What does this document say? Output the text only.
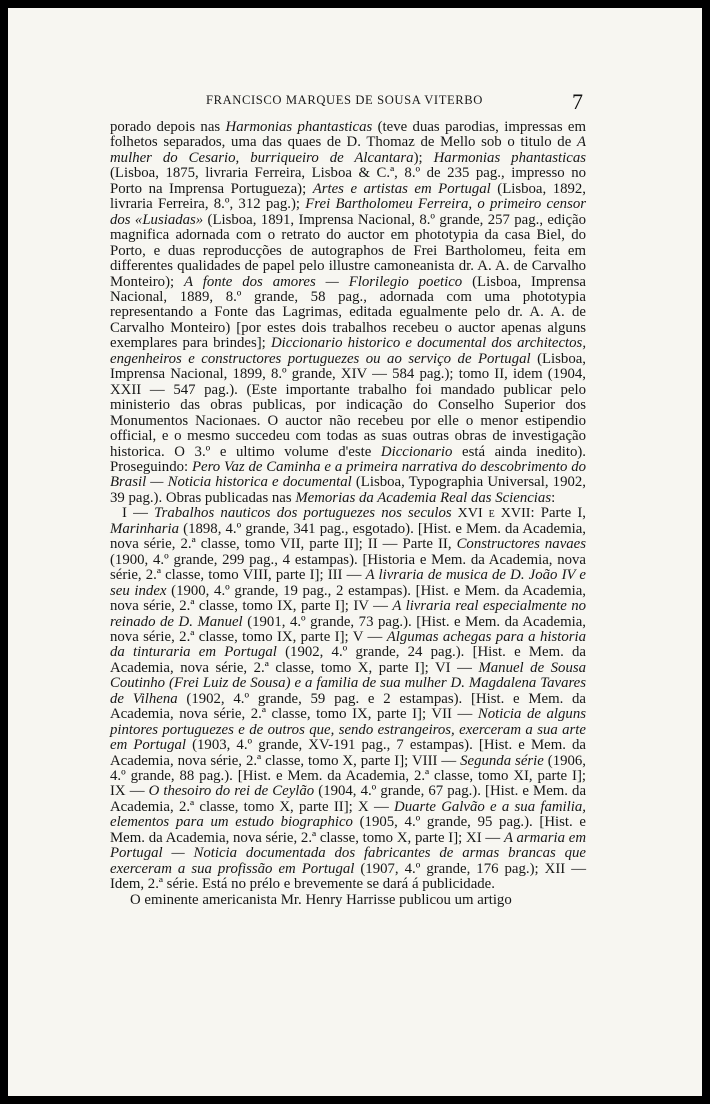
FRANCISCO MARQUES DE SOUSA VITERBO	7

porado depois nas Harmonias phantasticas (teve duas parodias, impressas em folhetos separados, uma das quaes de D. Thomaz de Mello sob o titulo de A mulher do Cesario, burriqueiro de Alcantara); Harmonias phantasticas (Lisboa, 1875, livraria Ferreira, Lisboa & C.ª, 8.º de 235 pag., impresso no Porto na Imprensa Portugueza); Artes e artistas em Portugal (Lisboa, 1892, livraria Ferreira, 8.º, 312 pag.); Frei Bartholomeu Ferreira, o primeiro censor dos «Lusiadas» (Lisboa, 1891, Imprensa Nacional, 8.º grande, 257 pag., edição magnifica adornada com o retrato do auctor em phototypia da casa Biel, do Porto, e duas reproducções de autographos de Frei Bartholomeu, feita em differentes qualidades de papel pelo illustre camoneanista dr. A. A. de Carvalho Monteiro); A fonte dos amores — Florilegio poetico (Lisboa, Imprensa Nacional, 1889, 8.º grande, 58 pag., adornada com uma phototypia representando a Fonte das Lagrimas, editada egualmente pelo dr. A. A. de Carvalho Monteiro) [por estes dois trabalhos recebeu o auctor apenas alguns exemplares para brindes]; Diccionario historico e documental dos architectos, engenheiros e constructores portuguezes ou ao serviço de Portugal (Lisboa, Imprensa Nacional, 1899, 8.º grande, XIV — 584 pag.); tomo II, idem (1904, XXII — 547 pag.). (Este importante trabalho foi mandado publicar pelo ministerio das obras publicas, por indicação do Conselho Superior dos Monumentos Nacionaes. O auctor não recebeu por elle o menor estipendio official, e o mesmo succedeu com todas as suas outras obras de investigação historica. O 3.º e ultimo volume d'este Diccionario está ainda inedito). Proseguindo: Pero Vaz de Caminha e a primeira narrativa do descobrimento do Brasil — Noticia historica e documental (Lisboa, Typographia Universal, 1902, 39 pag.). Obras publicadas nas Memorias da Academia Real das Sciencias:

I — Trabalhos nauticos dos portuguezes nos seculos XVI e XVII: Parte I, Marinharia (1898, 4.º grande, 341 pag., esgotado). [Hist. e Mem. da Academia, nova série, 2.ª classe, tomo VII, parte II]; II — Parte II, Constructores navaes (1900, 4.º grande, 299 pag., 4 estampas). [Historia e Mem. da Academia, nova série, 2.ª classe, tomo VIII, parte I]; III — A livraria de musica de D. João IV e seu index (1900, 4.º grande, 19 pag., 2 estampas). [Hist. e Mem. da Academia, nova série, 2.ª classe, tomo IX, parte I]; IV — A livraria real especialmente no reinado de D. Manuel (1901, 4.º grande, 73 pag.). [Hist. e Mem. da Academia, nova série, 2.ª classe, tomo IX, parte I]; V — Algumas achegas para a historia da tinturaria em Portugal (1902, 4.º grande, 24 pag.). [Hist. e Mem. da Academia, nova série, 2.ª classe, tomo X, parte I]; VI — Manuel de Sousa Coutinho (Frei Luiz de Sousa) e a familia de sua mulher D. Magdalena Tavares de Vilhena (1902, 4.º grande, 59 pag. e 2 estampas). [Hist. e Mem. da Academia, nova série, 2.ª classe, tomo IX, parte I]; VII — Noticia de alguns pintores portuguezes e de outros que, sendo estrangeiros, exerceram a sua arte em Portugal (1903, 4.º grande, XV-191 pag., 7 estampas). [Hist. e Mem. da Academia, nova série, 2.ª classe, tomo X, parte I]; VIII — Segunda série (1906, 4.º grande, 88 pag.). [Hist. e Mem. da Academia, 2.ª classe, tomo XI, parte I]; IX — O thesoiro do rei de Ceylão (1904, 4.º grande, 67 pag.). [Hist. e Mem. da Academia, 2.ª classe, tomo X, parte II]; X — Duarte Galvão e a sua familia, elementos para um estudo biographico (1905, 4.º grande, 95 pag.). [Hist. e Mem. da Academia, nova série, 2.ª classe, tomo X, parte I]; XI — A armaria em Portugal — Noticia documentada dos fabricantes de armas brancas que exerceram a sua profissão em Portugal (1907, 4.º grande, 176 pag.); XII — Idem, 2.ª série. Está no prélo e brevemente se dará á publicidade.

O eminente americanista Mr. Henry Harrisse publicou um artigo
